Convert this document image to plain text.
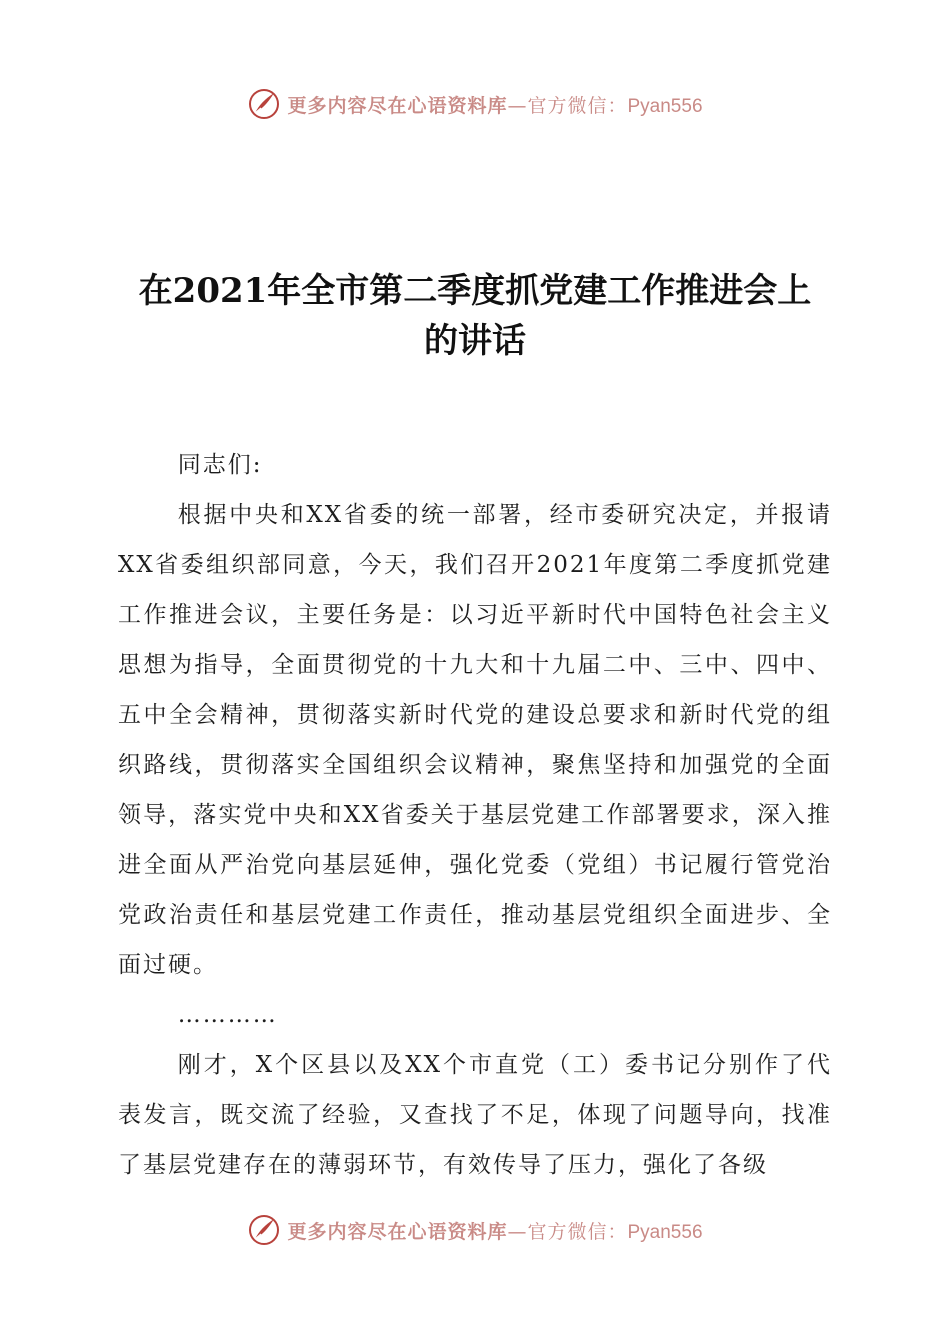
更多内容尽在心语资料库—官方微信：Pyan556
在2021年全市第二季度抓党建工作推进会上
的讲话

同志们:

根据中央和XX省委的统一部署，经市委研究决定，并报请XX省委组织部同意，今天，我们召开2021年度第二季度抓党建工作推进会议，主要任务是：以习近平新时代中国特色社会主义思想为指导，全面贯彻党的十九大和十九届二中、三中、四中、五中全会精神，贯彻落实新时代党的建设总要求和新时代党的组织路线，贯彻落实全国组织会议精神，聚焦坚持和加强党的全面领导，落实党中央和XX省委关于基层党建工作部署要求，深入推进全面从严治党向基层延伸，强化党委（党组）书记履行管党治党政治责任和基层党建工作责任，推动基层党组织全面进步、全面过硬。

…………

刚才，X个区县以及XX个市直党（工）委书记分别作了代表发言，既交流了经验，又查找了不足，体现了问题导向，找准了基层党建存在的薄弱环节，有效传导了压力，强化了各级

更多内容尽在心语资料库—官方微信：Pyan556
